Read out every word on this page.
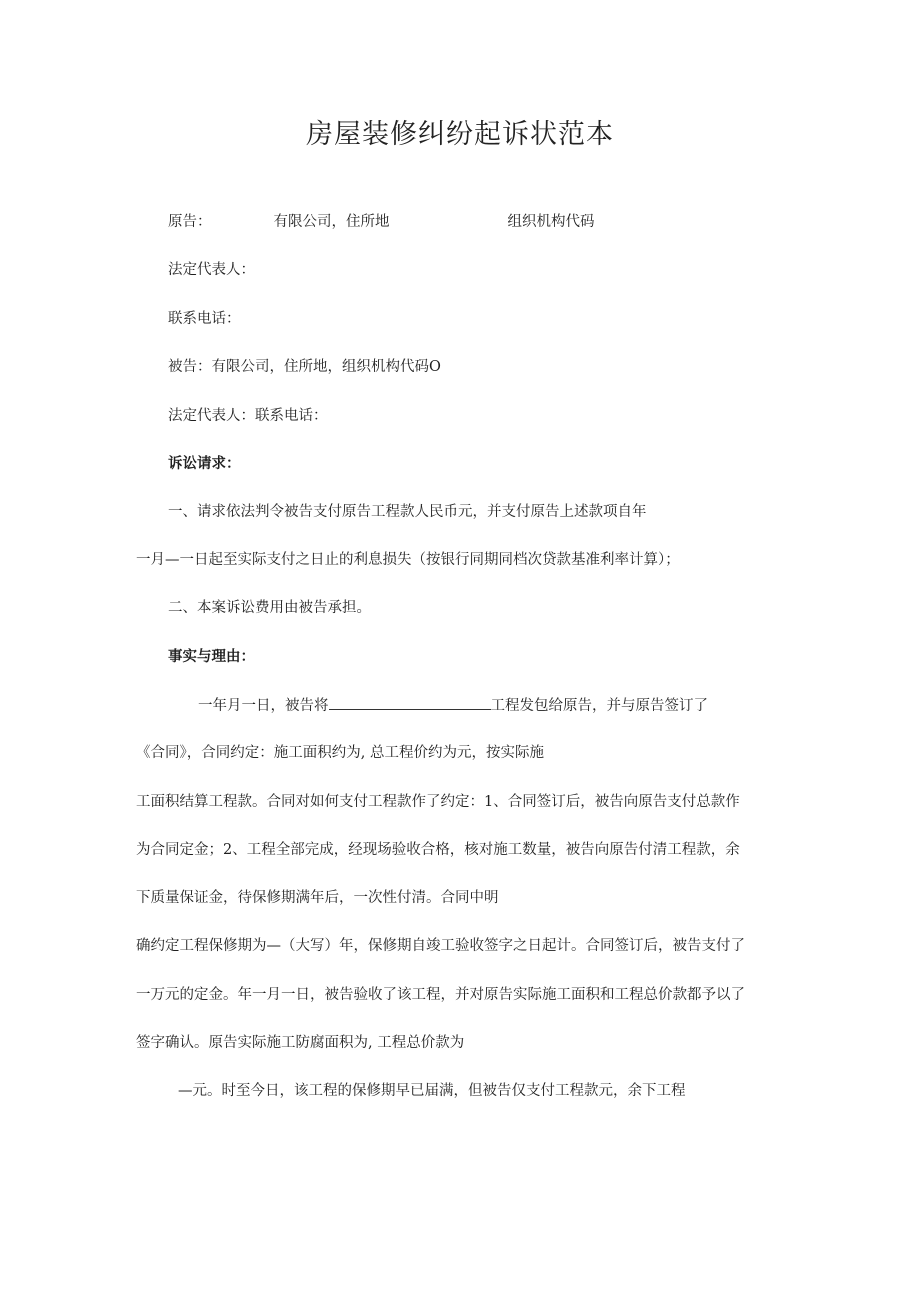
房屋装修纠纷起诉状范本
原告：	有限公司，住所地	组织机构代码
法定代表人：
联系电话：
被告：有限公司，住所地，组织机构代码O
法定代表人：联系电话：
诉讼请求：
一、请求依法判令被告支付原告工程款人民币元，并支付原告上述款项自年
一月—一日起至实际支付之日止的利息损失（按银行同期同档次贷款基准利率计算）；
二、本案诉讼费用由被告承担。
事实与理由：
一年月一日，被告将	工程发包给原告，并与原告签订了
《合同》，合同约定：施工面积约为, 总工程价约为元，按实际施
工面积结算工程款。合同对如何支付工程款作了约定：1、合同签订后，被告向原告支付总款作
为合同定金；2、工程全部完成，经现场验收合格，核对施工数量，被告向原告付清工程款，余
下质量保证金，待保修期满年后，一次性付清。合同中明
确约定工程保修期为—（大写）年，保修期自竣工验收签字之日起计。合同签订后，被告支付了
一万元的定金。年一月一日，被告验收了该工程，并对原告实际施工面积和工程总价款都予以了
签字确认。原告实际施工防腐面积为, 工程总价款为
—元。时至今日，该工程的保修期早已届满，但被告仅支付工程款元，余下工程
